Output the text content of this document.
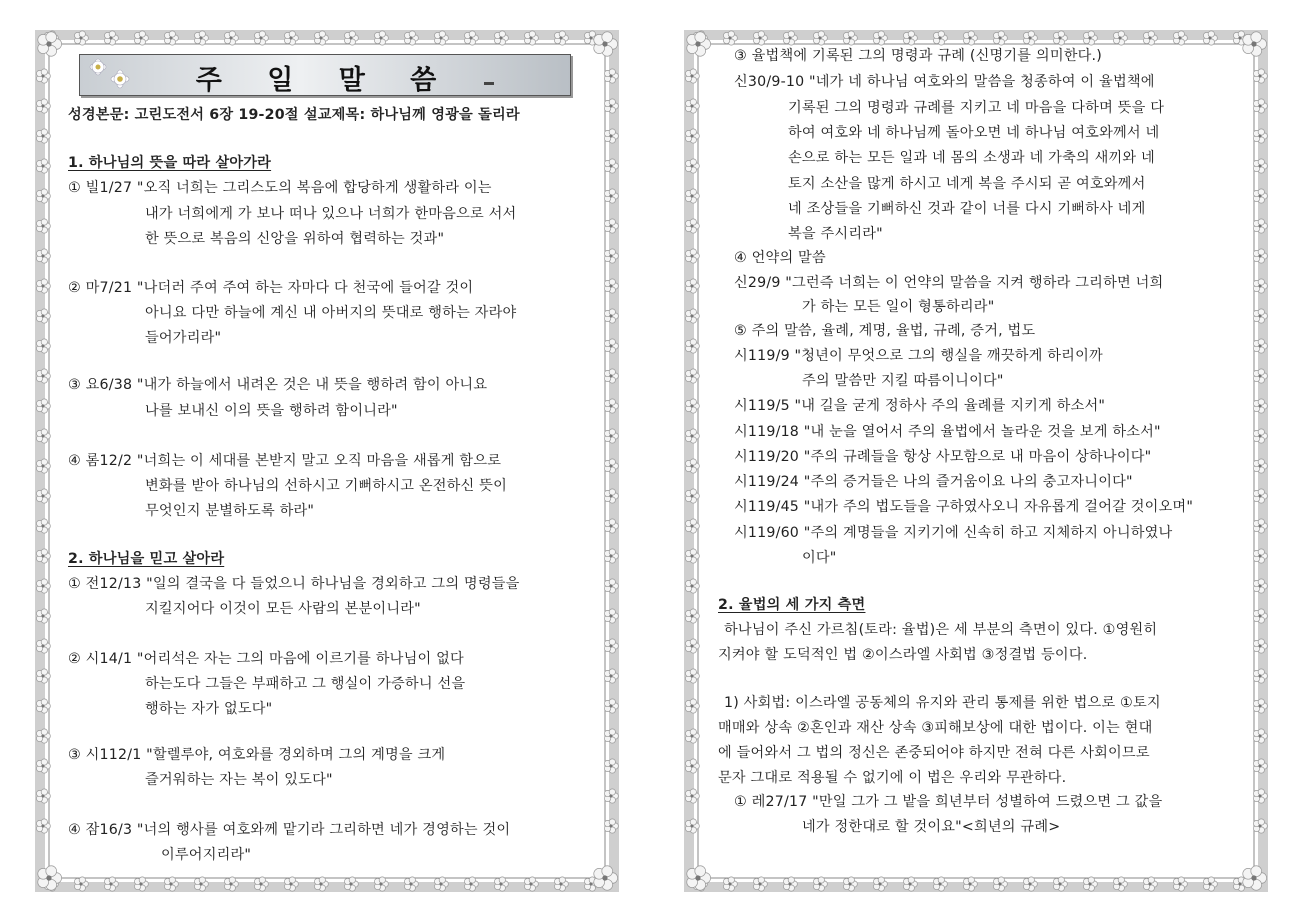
주 일 말 씀
성경본문: 고린도전서 6장 19-20절 설교제목: 하나님께 영광을 돌리라
1. 하나님의 뜻을 따라 살아가라
① 빌1/27 "오직 너희는 그리스도의 복음에 합당하게 생활하라 이는
내가 너희에게 가 보나 떠나 있으나 너희가 한마음으로 서서
한 뜻으로 복음의 신앙을 위하여 협력하는 것과"
② 마7/21 "나더러 주여 주여 하는 자마다 다 천국에 들어갈 것이
아니요 다만 하늘에 계신 내 아버지의 뜻대로 행하는 자라야
들어가리라"
③ 요6/38 "내가 하늘에서 내려온 것은 내 뜻을 행하려 함이 아니요
나를 보내신 이의 뜻을 행하려 함이니라"
④ 롬12/2 "너희는 이 세대를 본받지 말고 오직 마음을 새롭게 함으로
변화를 받아 하나님의 선하시고 기뻐하시고 온전하신 뜻이
무엇인지 분별하도록 하라"
2. 하나님을 믿고 살아라
① 전12/13 "일의 결국을 다 들었으니 하나님을 경외하고 그의 명령들을
지킬지어다 이것이 모든 사람의 본분이니라"
② 시14/1 "어리석은 자는 그의 마음에 이르기를 하나님이 없다
하는도다 그들은 부패하고 그 행실이 가증하니 선을
행하는 자가 없도다"
③ 시112/1 "할렐루야, 여호와를 경외하며 그의 계명을 크게
즐거워하는 자는 복이 있도다"
④ 잠16/3 "너의 행사를 여호와께 맡기라 그리하면 네가 경영하는 것이
이루어지리라"
③ 율법책에 기록된 그의 명령과 규례 (신명기를 의미한다.)
신30/9-10 "네가 네 하나님 여호와의 말씀을 청종하여 이 율법책에
기록된 그의 명령과 규례를 지키고 네 마음을 다하며 뜻을 다
하여 여호와 네 하나님께 돌아오면 네 하나님 여호와께서 네
손으로 하는 모든 일과 네 몸의 소생과 네 가축의 새끼와 네
토지 소산을 많게 하시고 네게 복을 주시되 곧 여호와께서
네 조상들을 기뻐하신 것과 같이 너를 다시 기뻐하사 네게
복을 주시리라"
④ 언약의 말씀
신29/9 "그런즉 너희는 이 언약의 말씀을 지켜 행하라 그리하면 너희
가 하는 모든 일이 형통하리라"
⑤ 주의 말씀, 율례, 계명, 율법, 규례, 증거, 법도
시119/9 "청년이 무엇으로 그의 행실을 깨끗하게 하리이까
주의 말씀만 지킬 따름이니이다"
시119/5 "내 길을 굳게 정하사 주의 율례를 지키게 하소서"
시119/18 "내 눈을 열어서 주의 율법에서 놀라운 것을 보게 하소서"
시119/20 "주의 규례들을 항상 사모함으로 내 마음이 상하나이다"
시119/24 "주의 증거들은 나의 즐거움이요 나의 충고자니이다"
시119/45 "내가 주의 법도들을 구하였사오니 자유롭게 걸어갈 것이오며"
시119/60 "주의 계명들을 지키기에 신속히 하고 지체하지 아니하였나
이다"
2. 율법의 세 가지 측면
하나님이 주신 가르침(토라: 율법)은 세 부분의 측면이 있다. ①영원히
지켜야 할 도덕적인 법 ②이스라엘 사회법 ③정결법 등이다.
1) 사회법: 이스라엘 공동체의 유지와 관리 통제를 위한 법으로 ①토지
매매와 상속 ②혼인과 재산 상속 ③피해보상에 대한 법이다. 이는 현대
에 들어와서 그 법의 정신은 존중되어야 하지만 전혀 다른 사회이므로
문자 그대로 적용될 수 없기에 이 법은 우리와 무관하다.
① 레27/17 "만일 그가 그 밭을 희년부터 성별하여 드렸으면 그 값을
네가 정한대로 할 것이요"<희년의 규례>
